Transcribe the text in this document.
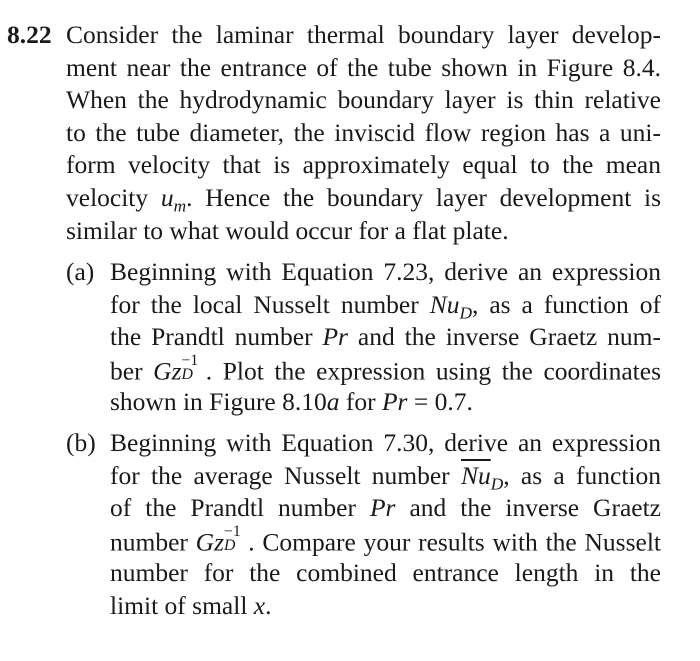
8.22 Consider the laminar thermal boundary layer develop-
ment near the entrance of the tube shown in Figure 8.4.
When the hydrodynamic boundary layer is thin relative
to the tube diameter, the inviscid flow region has a uni-
form velocity that is approximately equal to the mean
velocity $u_m$. Hence the boundary layer development is
similar to what would occur for a flat plate.
(a) Beginning with Equation 7.23, derive an expression
for the local Nusselt number $Nu_D$, as a function of
the Prandtl number Pr and the inverse Graetz num-
ber Gz −1
D . Plot the expression using the coordinates
shown in Figure 8.10a for Pr = 0.7.
(b) Beginning with Equation 7.30, derive an expression
for the average Nusselt number $\overline{Nu}_D$, as a function
of the Prandtl number Pr and the inverse Graetz
number Gz −1
D . Compare your results with the Nusselt
number for the combined entrance length in the
limit of small x.
